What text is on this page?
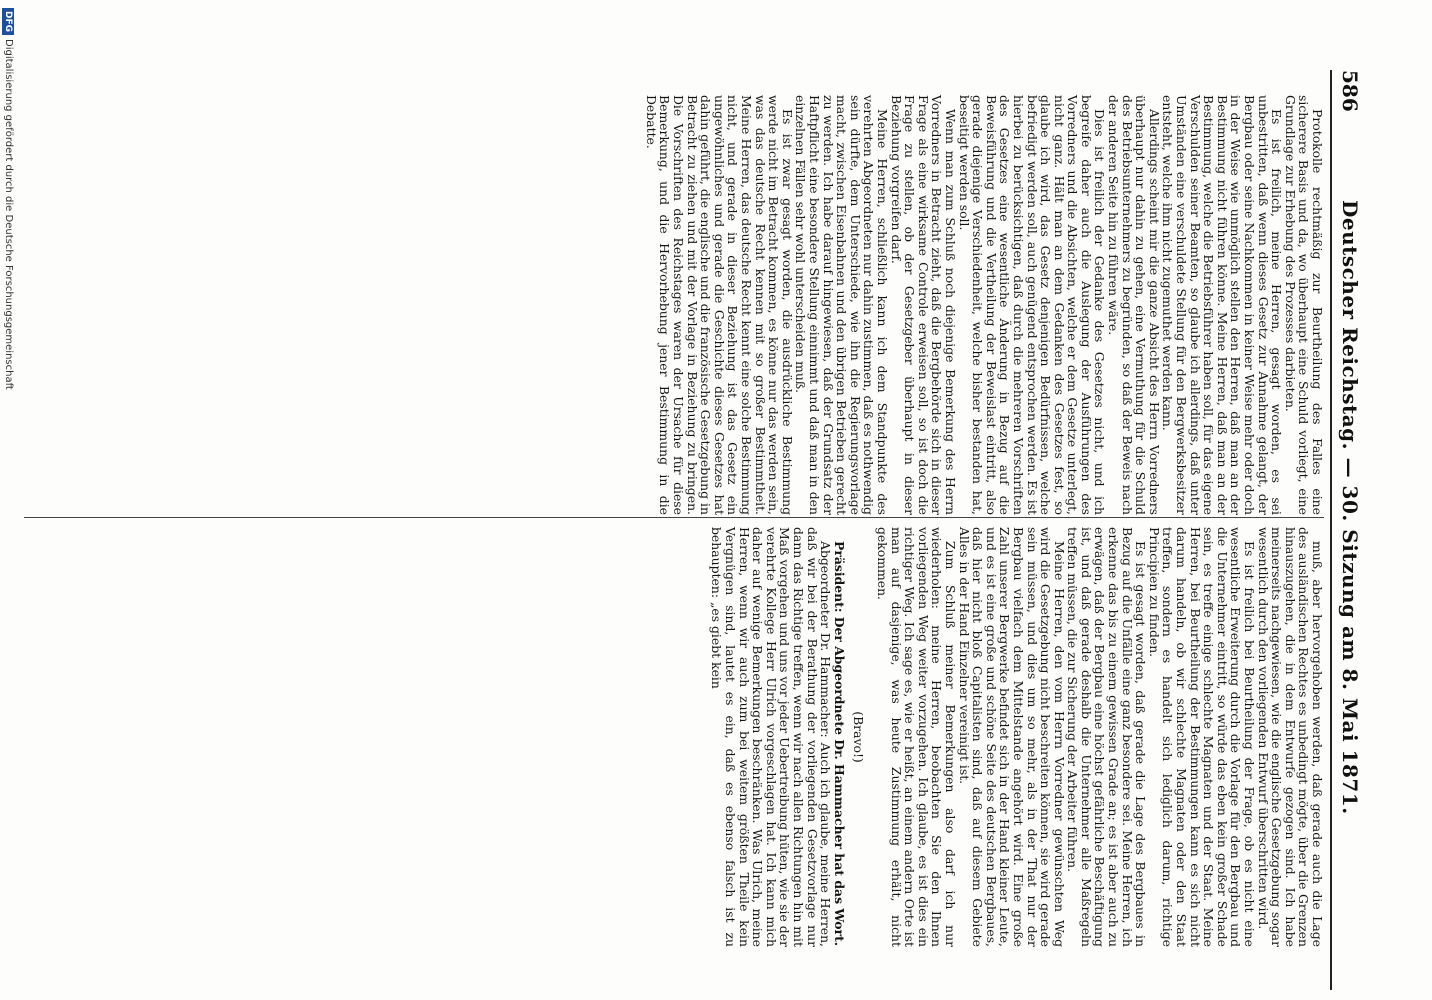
586
Deutscher Reichstag. — 30. Sitzung am 8. Mai 1871.

Protokolle rechtmäßig zur Beurtheilung des Falles eine sicherere Basis und da, wo überhaupt eine Schuld vorliegt, eine Grundlage zur Erhebung des Prozesses darbieten.

Es ist freilich, meine Herren, gesagt worden, es sei unbestritten, daß wenn dieses Gesetz zur Annahme gelangt, der Bergbau oder seine Nachkommen in keiner Weise mehr oder doch in der Weise wie unmöglich stellen den Herren, daß man an der Bestimmung nicht führen könne. Meine Herren, daß man an der Bestimmung, welche die Betriebsführer haben soll, für das eigene Verschulden seiner Beamten, so glaube ich allerdings, daß unter Umständen eine verschuldete Stellung für den Bergwerksbesitzer entsteht, welche ihm nicht zugemuthet werden kann.

Allerdings scheint mir die ganze Absicht des Herrn Vorredners überhaupt nur dahin zu gehen, eine Vermuthung für die Schuld des Betriebsunternehmers zu begründen, so daß der Beweis nach der anderen Seite hin zu führen wäre.

Dies ist freilich der Gedanke des Gesetzes nicht, und ich begreife daher auch die Auslegung der Ausführungen des Vorredners und die Absichten, welche er dem Gesetze unterlegt, nicht ganz. Hält man an dem Gedanken des Gesetzes fest, so glaube ich wird, das Gesetz denjenigen Bedürfnissen, welche befriedigt werden soll, auch genügend entsprochen werden. Es ist hierbei zu berücksichtigen, daß durch die mehreren Vorschriften des Gesetzes eine wesentliche Änderung in Bezug auf die Beweisführung und die Vertheilung der Beweislast eintritt, also gerade diejenige Verschiedenheit, welche bisher bestanden hat, beseitigt werden soll.

Wenn man zum Schluß noch diejenige Bemerkung des Herrn Vorredners in Betracht zieht, daß die Bergbehörde sich in dieser Frage als eine wirksame Controle erweisen soll, so ist doch die Frage zu stellen, ob der Gesetzgeber überhaupt in dieser Beziehung vorgreifen darf.

Meine Herren, schließlich kann ich dem Standpunkte des verehrten Abgeordneten nur dahin zustimmen, daß es nothwendig sein dürfte, dem Unterschiede, wie ihn die Regierungsvorlage macht, zwischen Eisenbahnen und den übrigen Betrieben gerecht zu werden. Ich habe darauf hingewiesen, daß der Grundsatz der Haftpflicht eine besondere Stellung einnimmt und daß man in den einzelnen Fällen sehr wohl unterscheiden muß.

Es ist zwar gesagt worden, die ausdrückliche Bestimmung werde nicht im Betracht kommen, es könne nur das werden sein, was das deutsche Recht kennen mit so großer Bestimmtheit. Meine Herren, das deutsche Recht kennt eine solche Bestimmung nicht, und gerade in dieser Beziehung ist das Gesetz ein ungewöhnliches und gerade die Geschichte dieses Gesetzes hat dahin geführt, die englische und die französische Gesetzgebung in Betracht zu ziehen und mit der Vorlage in Beziehung zu bringen. Die Vorschriften des Reichstages waren der Ursache für diese Bemerkung, und die Hervorhebung jener Bestimmung in die Debatte.

muß, aber hervorgehoben werden, daß gerade auch die Lage des ausländischen Rechtes es unbedingt mögte, über die Grenzen hinauszugehen, die in dem Entwurfe gezogen sind. Ich habe meinerseits nachgewiesen, wie die englische Gesetzgebung sogar wesentlich durch den vorliegenden Entwurf überschritten wird.

Es ist freilich bei Beurtheilung der Frage, ob es nicht eine wesentliche Erweiterung durch die Vorlage für den Bergbau und die Unternehmer eintritt, so würde das eben kein großer Schade sein, es treffe einige schlechte Magnaten und der Staat. Meine Herren, bei Beurtheilung der Bestimmungen kann es sich nicht darum handeln, ob wir schlechte Magnaten oder den Staat treffen, sondern es handelt sich lediglich darum, richtige Principien zu finden.

Es ist gesagt worden, daß gerade die Lage des Bergbaues in Bezug auf die Unfälle eine ganz besondere sei. Meine Herren, ich erkenne das bis zu einem gewissen Grade an; es ist aber auch zu erwägen, daß der Bergbau eine höchst gefährliche Beschäftigung ist, und daß gerade deshalb die Unternehmer alle Maßregeln treffen müssen, die zur Sicherung der Arbeiter führen.

Meine Herren, den vom Herrn Vorredner gewünschten Weg wird die Gesetzgebung nicht beschreiten können, sie wird gerade sein müssen, und dies um so mehr, als in der That nur der Bergbau vielfach dem Mittelstande angehört wird. Eine große Zahl unserer Bergwerke befindet sich in der Hand kleiner Leute, und es ist eine große und schöne Seite des deutschen Bergbaues, daß hier nicht bloß Capitalisten sind, daß auf diesem Gebiete Alles in der Hand Einzelner vereinigt ist.

Zum Schluß meiner Bemerkungen also darf ich nur wiederholen: meine Herren, beobachten Sie den Ihnen vorliegenden Weg weiter vorzugehen. Ich glaube, es ist dies ein richtiger Weg. Ich sage es, wie er heißt, an einem andern Orte ist man auf dasjenige, was heute Zustimmung erhält, nicht gekommen.

(Bravo!)

Präsident: Der Abgeordnete Dr. Hammacher hat das Wort.

Abgeordneter Dr. Hammacher: Auch ich glaube, meine Herren, daß wir bei der Berathung der vorliegenden Gesetzvorlage nur dann das Richtige treffen, wenn wir nach allen Richtungen hin mit Maß vorgehen und uns vor jeder Uebertreibung hüten, wie sie der verehrte Kollege Herr Ulrich vorgeschlagen hat. Ich kann mich daher auf wenige Bemerkungen beschränken. Was Ulrich, meine Herren, wenn wir auch zum bei weitem größten Theile kein Vergnügen sind, lautet es ein, daß es ebenso falsch ist zu behaupten: „es giebt kein

DFGDigitalisierung gefördert durch die Deutsche Forschungsgemeinschaft
